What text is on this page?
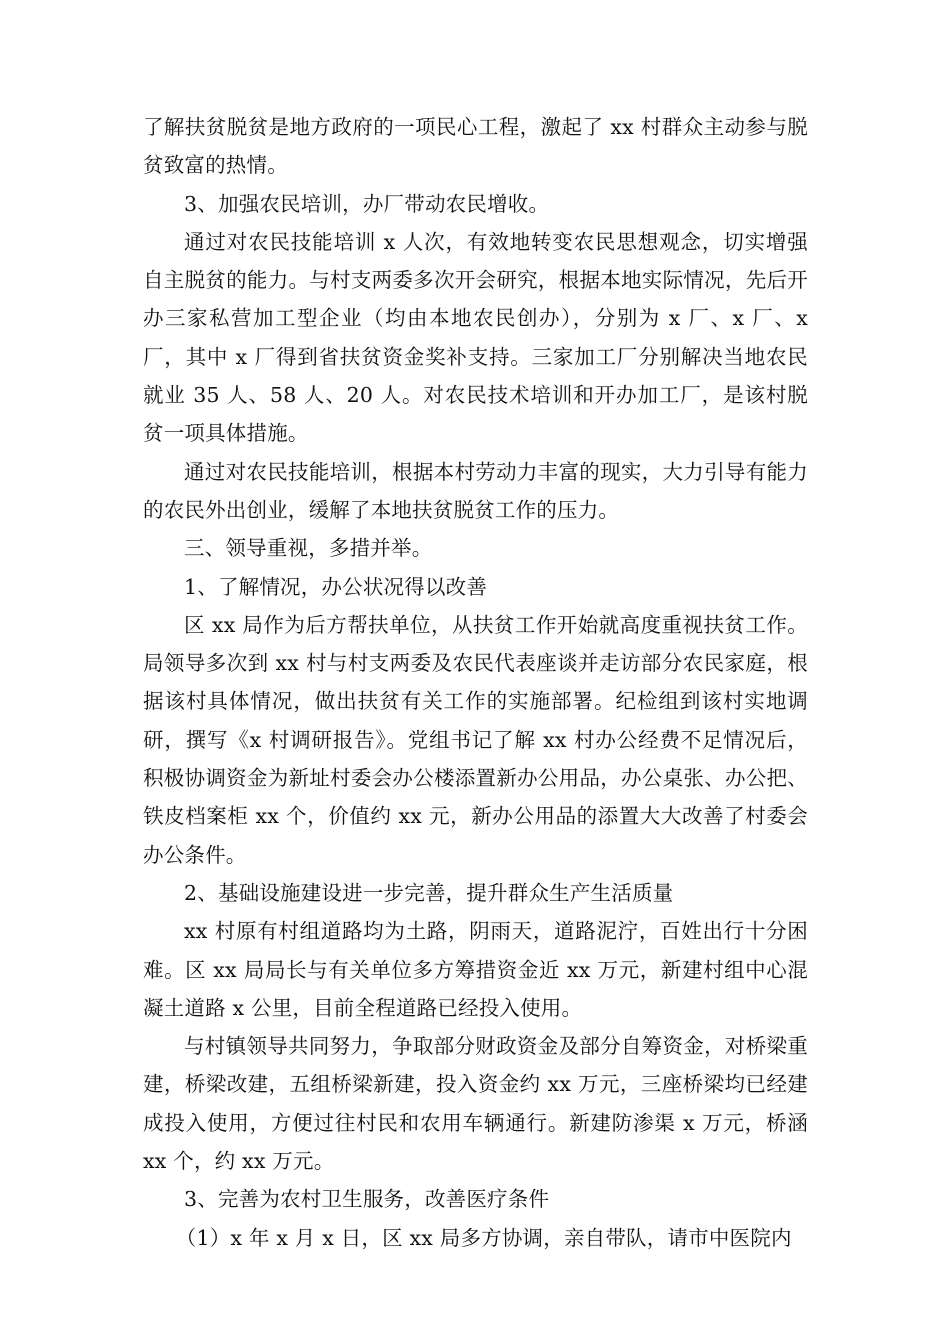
了解扶贫脱贫是地方政府的一项民心工程，激起了 xx 村群众主动参与脱贫致富的热情。

3、加强农民培训，办厂带动农民增收。

通过对农民技能培训 x 人次，有效地转变农民思想观念，切实增强自主脱贫的能力。与村支两委多次开会研究，根据本地实际情况，先后开办三家私营加工型企业（均由本地农民创办），分别为 x 厂、x 厂、x 厂，其中 x 厂得到省扶贫资金奖补支持。三家加工厂分别解决当地农民就业 35 人、58 人、20 人。对农民技术培训和开办加工厂，是该村脱贫一项具体措施。

通过对农民技能培训，根据本村劳动力丰富的现实，大力引导有能力的农民外出创业，缓解了本地扶贫脱贫工作的压力。

三、领导重视，多措并举。

1、了解情况，办公状况得以改善

区 xx 局作为后方帮扶单位，从扶贫工作开始就高度重视扶贫工作。局领导多次到 xx 村与村支两委及农民代表座谈并走访部分农民家庭，根据该村具体情况，做出扶贫有关工作的实施部署。纪检组到该村实地调研，撰写《x 村调研报告》。党组书记了解 xx 村办公经费不足情况后，积极协调资金为新址村委会办公楼添置新办公用品，办公桌张、办公把、铁皮档案柜 xx 个，价值约 xx 元，新办公用品的添置大大改善了村委会办公条件。

2、基础设施建设进一步完善，提升群众生产生活质量

xx 村原有村组道路均为土路，阴雨天，道路泥泞，百姓出行十分困难。区 xx 局局长与有关单位多方筹措资金近 xx 万元，新建村组中心混凝土道路 x 公里，目前全程道路已经投入使用。

与村镇领导共同努力，争取部分财政资金及部分自筹资金，对桥梁重建，桥梁改建，五组桥梁新建，投入资金约 xx 万元，三座桥梁均已经建成投入使用，方便过往村民和农用车辆通行。新建防渗渠 x 万元，桥涵 xx 个，约 xx 万元。

3、完善为农村卫生服务，改善医疗条件

（1）x 年 x 月 x 日，区 xx 局多方协调，亲自带队，请市中医院内
